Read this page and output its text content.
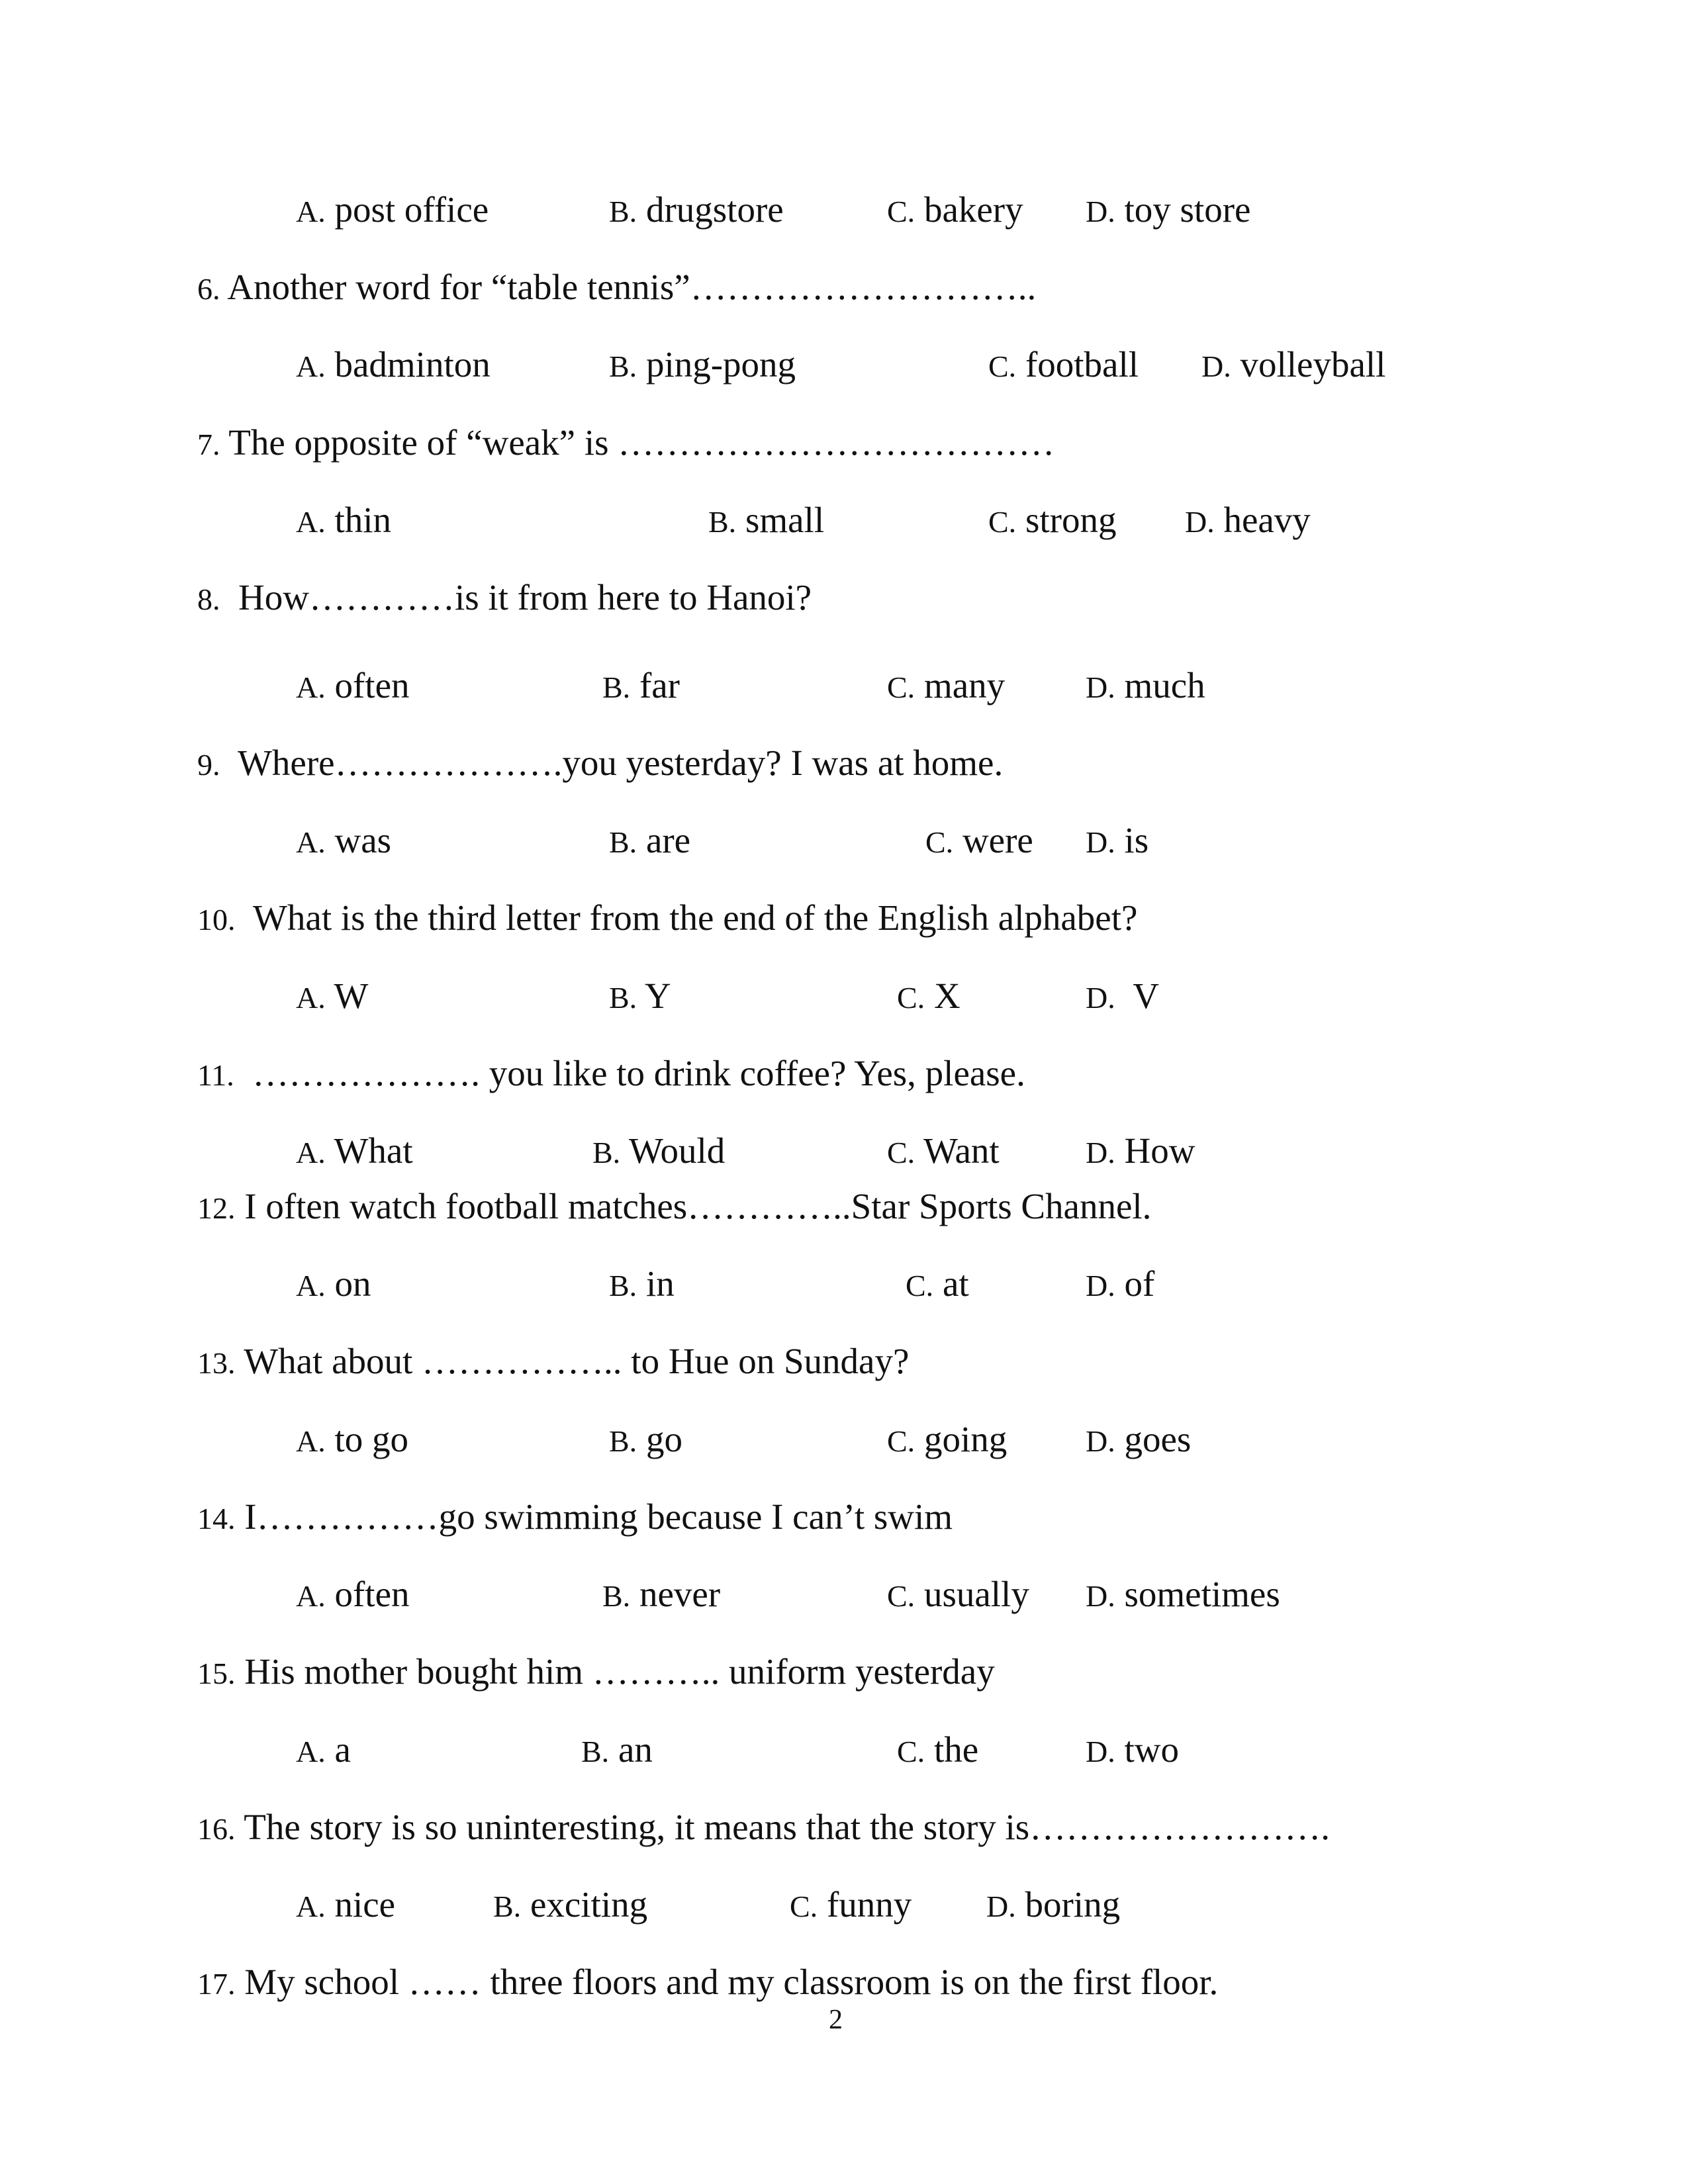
A. post office	B. drugstore	C. bakery D. toy store
6. Another word for “table tennis”………………………..
A. badminton	B. ping-pong	C. football D. volleyball
7. The opposite of “weak” is ………………………………
A. thin	B. small	C. strong D. heavy
8. How…………is it from here to Hanoi?
A. often	B. far	C. many	D. much
9. Where……………….you yesterday? I was at home.
A. was	B. are	C. were D. is
10. What is the third letter from the end of the English alphabet?
A. W	B. Y	C. X	D. V
11. ………………. you like to drink coffee? Yes, please.
A. What	B. Would	C. Want	D. How
12. I often watch football matches…………..Star Sports Channel.
A. on	B. in	C. at	D. of
13. What about …………….. to Hue on Sunday?
A. to go	B. go	C. going	D. goes
14. I……………go swimming because I can’t swim
A. often	B. never	C. usually D. sometimes
15. His mother bought him ……….. uniform yesterday
A. a	B. an	C. the	D. two
16. The story is so uninteresting, it means that the story is…………………….
A. nice	B. exciting	C. funny D. boring
17. My school …… three floors and my classroom is on the first floor.
2
